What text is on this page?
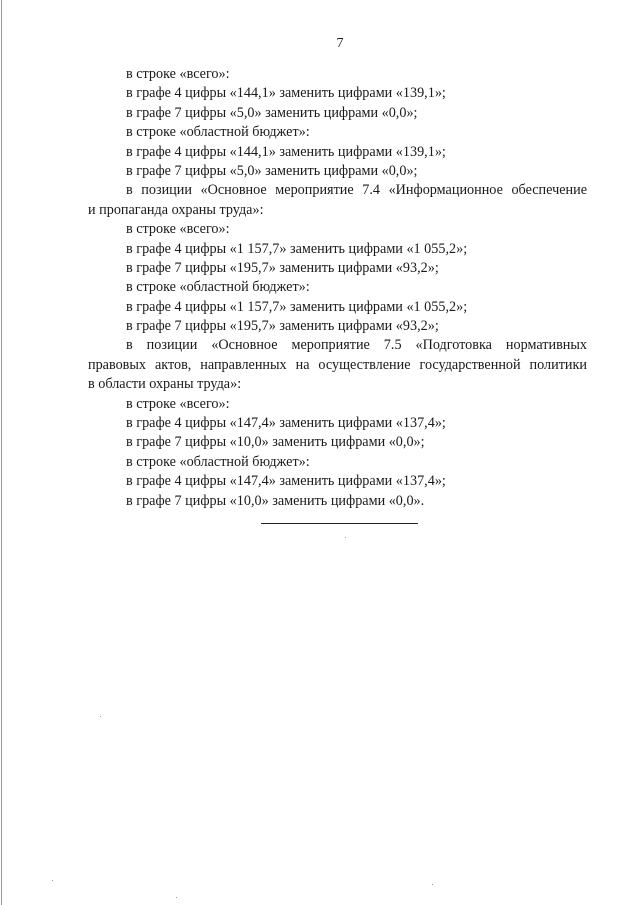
7
в строке «всего»:
в графе 4 цифры «144,1» заменить цифрами «139,1»;
в графе 7 цифры «5,0» заменить цифрами «0,0»;
в строке «областной бюджет»:
в графе 4 цифры «144,1» заменить цифрами «139,1»;
в графе 7 цифры «5,0» заменить цифрами «0,0»;
в позиции «Основное мероприятие 7.4 «Информационное обеспечение
и пропаганда охраны труда»:
в строке «всего»:
в графе 4 цифры «1 157,7» заменить цифрами «1 055,2»;
в графе 7 цифры «195,7» заменить цифрами «93,2»;
в строке «областной бюджет»:
в графе 4 цифры «1 157,7» заменить цифрами «1 055,2»;
в графе 7 цифры «195,7» заменить цифрами «93,2»;
в позиции «Основное мероприятие 7.5 «Подготовка нормативных
правовых актов, направленных на осуществление государственной политики
в области охраны труда»:
в строке «всего»:
в графе 4 цифры «147,4» заменить цифрами «137,4»;
в графе 7 цифры «10,0» заменить цифрами «0,0»;
в строке «областной бюджет»:
в графе 4 цифры «147,4» заменить цифрами «137,4»;
в графе 7 цифры «10,0» заменить цифрами «0,0».
